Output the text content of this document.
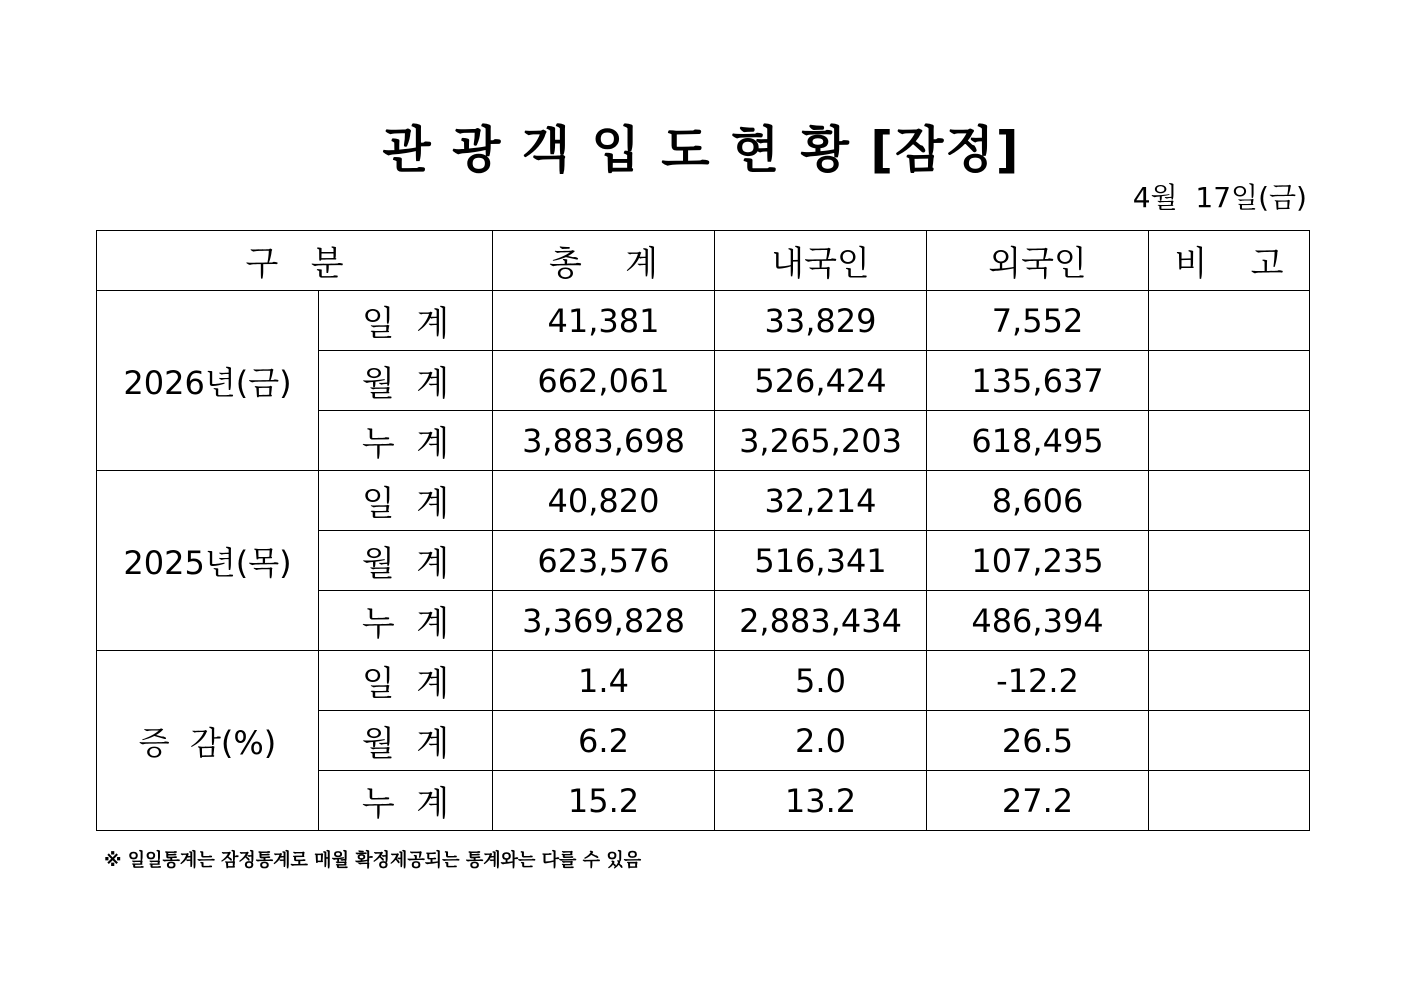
관 광 객 입 도 현 황 [잠정]
4월  17일(금)
구   분		총    계	내국인	외국인	비    고
2026년(금)	일  계	41,381	33,829	7,552	
	월  계	662,061	526,424	135,637	
	누  계	3,883,698	3,265,203	618,495	
2025년(목)	일  계	40,820	32,214	8,606	
	월  계	623,576	516,341	107,235	
	누  계	3,369,828	2,883,434	486,394	
증  감(%)	일  계	1.4	5.0	-12.2	
	월  계	6.2	2.0	26.5	
	누  계	15.2	13.2	27.2	
※ 일일통계는 잠정통계로 매월 확정제공되는 통계와는 다를 수 있음
